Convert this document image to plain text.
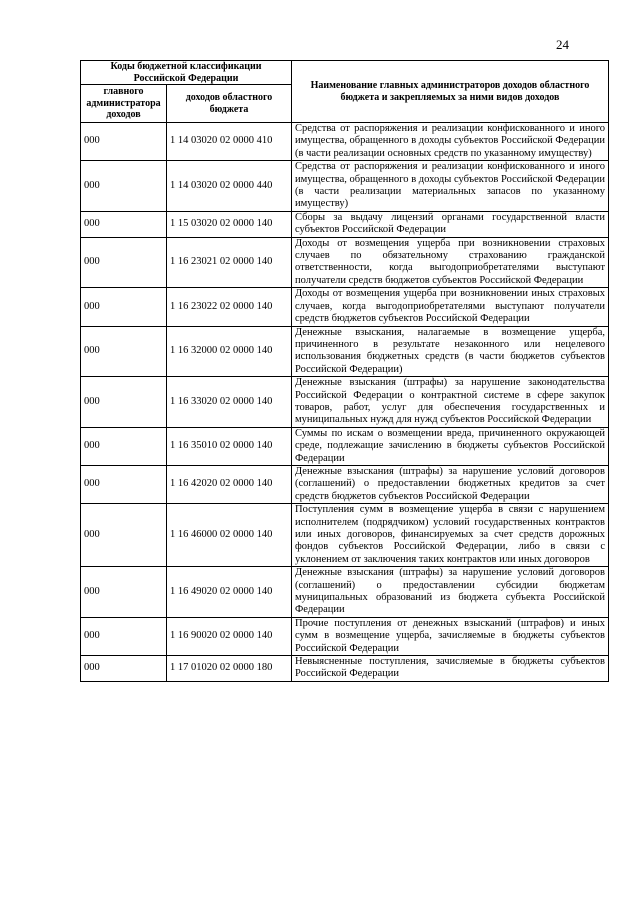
24
Коды бюджетной классификации Российской Федерации		Наименование главных администраторов доходов областного бюджета и закрепляемых за ними видов доходов
главного администратора доходов	доходов областного бюджета	
000	1 14 03020 02 0000 410	Средства от распоряжения и реализации конфискованного и иного имущества, обращенного в доходы субъектов Российской Федерации (в части реализации основных средств по указанному имуществу)
000	1 14 03020 02 0000 440	Средства от распоряжения и реализации конфискованного и иного имущества, обращенного в доходы субъектов Российской Федерации (в части реализации материальных запасов по указанному имуществу)
000	1 15 03020 02 0000 140	Сборы за выдачу лицензий органами государственной власти субъектов Российской Федерации
000	1 16 23021 02 0000 140	Доходы от возмещения ущерба при возникновении страховых случаев по обязательному страхованию гражданской ответственности, когда выгодоприобретателями выступают получатели средств бюджетов субъектов Российской Федерации
000	1 16 23022 02 0000 140	Доходы от возмещения ущерба при возникновении иных страховых случаев, когда выгодоприобретателями выступают получатели средств бюджетов субъектов Российской Федерации
000	1 16 32000 02 0000 140	Денежные взыскания, налагаемые в возмещение ущерба, причиненного в результате незаконного или нецелевого использования бюджетных средств (в части бюджетов субъектов Российской Федерации)
000	1 16 33020 02 0000 140	Денежные взыскания (штрафы) за нарушение законодательства Российской Федерации о контрактной системе в сфере закупок товаров, работ, услуг для обеспечения государственных и муниципальных нужд для нужд субъектов Российской Федерации
000	1 16 35010 02 0000 140	Суммы по искам о возмещении вреда, причиненного окружающей среде, подлежащие зачислению в бюджеты субъектов Российской Федерации
000	1 16 42020 02 0000 140	Денежные взыскания (штрафы) за нарушение условий договоров (соглашений) о предоставлении бюджетных кредитов за счет средств бюджетов субъектов Российской Федерации
000	1 16 46000 02 0000 140	Поступления сумм в возмещение ущерба в связи с нарушением исполнителем (подрядчиком) условий государственных контрактов или иных договоров, финансируемых за счет средств дорожных фондов субъектов Российской Федерации, либо в связи с уклонением от заключения таких контрактов или иных договоров
000	1 16 49020 02 0000 140	Денежные взыскания (штрафы) за нарушение условий договоров (соглашений) о предоставлении субсидии бюджетам муниципальных образований из бюджета субъекта Российской Федерации
000	1 16 90020 02 0000 140	Прочие поступления от денежных взысканий (штрафов) и иных сумм в возмещение ущерба, зачисляемые в бюджеты субъектов Российской Федерации
000	1 17 01020 02 0000 180	Невыясненные поступления, зачисляемые в бюджеты субъектов Российской Федерации
